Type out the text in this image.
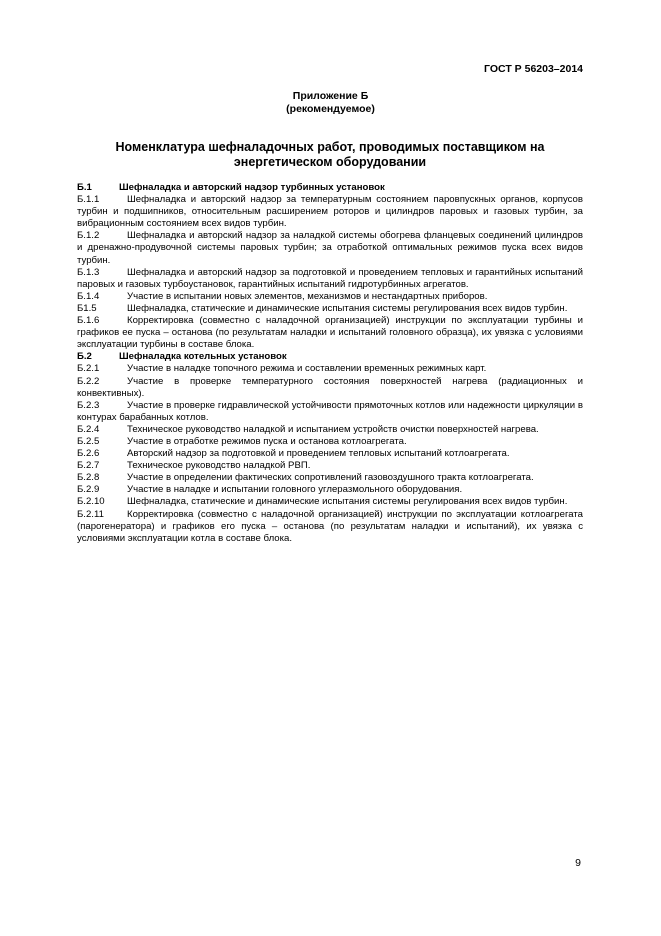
ГОСТ Р 56203–2014
Приложение Б
(рекомендуемое)
Номенклатура шефналадочных работ, проводимых поставщиком на
энергетическом оборудовании

Б.1	Шефналадка и авторский надзор турбинных установок

Б.1.1	Шефналадка и авторский надзор за температурным состоянием паровпускных органов, корпусов турбин и подшипников, относительным расширением роторов и цилиндров паровых и газовых турбин, за вибрационным состоянием всех видов турбин.

Б.1.2	Шефналадка и авторский надзор за наладкой системы обогрева фланцевых соединений цилиндров и дренажно-продувочной системы паровых турбин; за отработкой оптимальных режимов пуска всех видов турбин.

Б.1.3	Шефналадка и авторский надзор за подготовкой и проведением тепловых и гарантийных испытаний паровых и газовых турбоустановок, гарантийных испытаний гидротурбинных агрегатов.

Б.1.4	Участие в испытании новых элементов, механизмов и нестандартных приборов.

Б1.5	Шефналадка, статические и динамические испытания системы регулирования всех видов турбин.

Б.1.6	Корректировка (совместно с наладочной организацией) инструкции по эксплуатации турбины и графиков ее пуска – останова (по результатам наладки и испытаний головного образца), их увязка с условиями эксплуатации турбины в составе блока.

Б.2	Шефналадка котельных установок

Б.2.1	Участие в наладке топочного режима и составлении временных режимных карт.

Б.2.2	Участие в проверке температурного состояния поверхностей нагрева (радиационных и конвективных).

Б.2.3	Участие в проверке гидравлической устойчивости прямоточных котлов или надежности циркуляции в контурах барабанных котлов.

Б.2.4	Техническое руководство наладкой и испытанием устройств очистки поверхностей нагрева.

Б.2.5	Участие в отработке режимов пуска и останова котлоагрегата.

Б.2.6	Авторский надзор за подготовкой и проведением тепловых испытаний котлоагрегата.

Б.2.7	Техническое руководство наладкой РВП.

Б.2.8	Участие в определении фактических сопротивлений газовоздушного тракта котлоагрегата.

Б.2.9	Участие в наладке и испытании головного углеразмольного оборудования.

Б.2.10 Шефналадка, статические и динамические испытания системы регулирования всех видов турбин.

Б.2.11 Корректировка (совместно с наладочной организацией) инструкции по эксплуатации котлоагрегата (парогенератора) и графиков его пуска – останова (по результатам наладки и испытаний), их увязка с условиями эксплуатации котла в составе блока.

9
